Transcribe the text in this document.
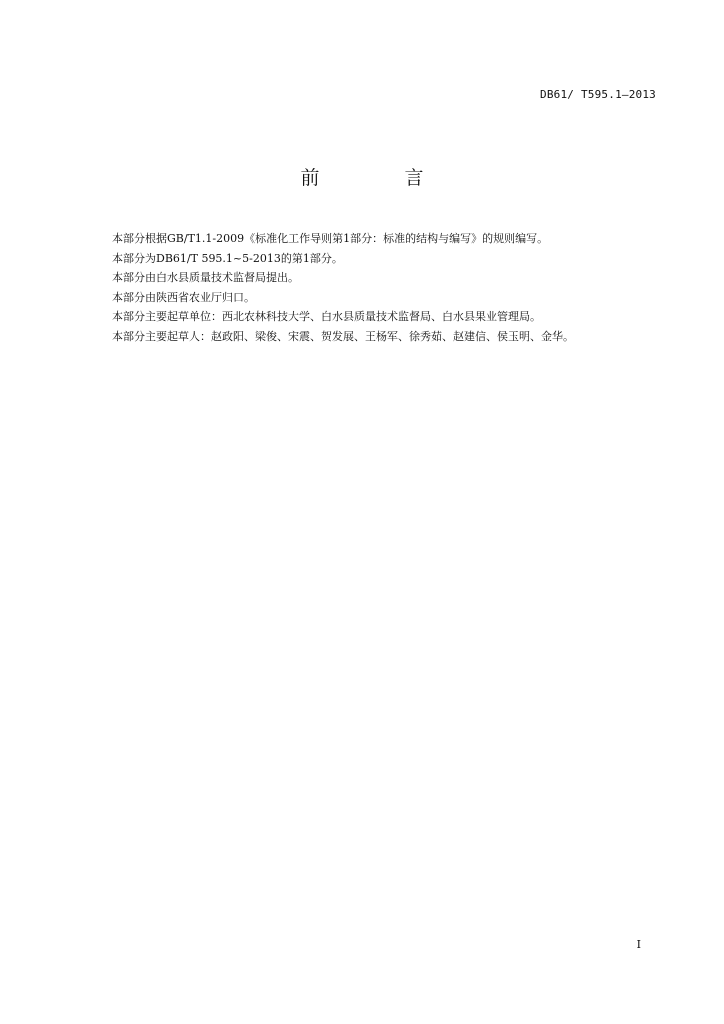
DB61/ T595.1—2013
前　言
本部分根据GB/T1.1-2009《标准化工作导则第1部分：标准的结构与编写》的规则编写。
本部分为DB61/T 595.1~5-2013的第1部分。
本部分由白水县质量技术监督局提出。
本部分由陕西省农业厅归口。
本部分主要起草单位：西北农林科技大学、白水县质量技术监督局、白水县果业管理局。
本部分主要起草人：赵政阳、梁俊、宋震、贺发展、王杨军、徐秀茹、赵建信、侯玉明、金华。
I
